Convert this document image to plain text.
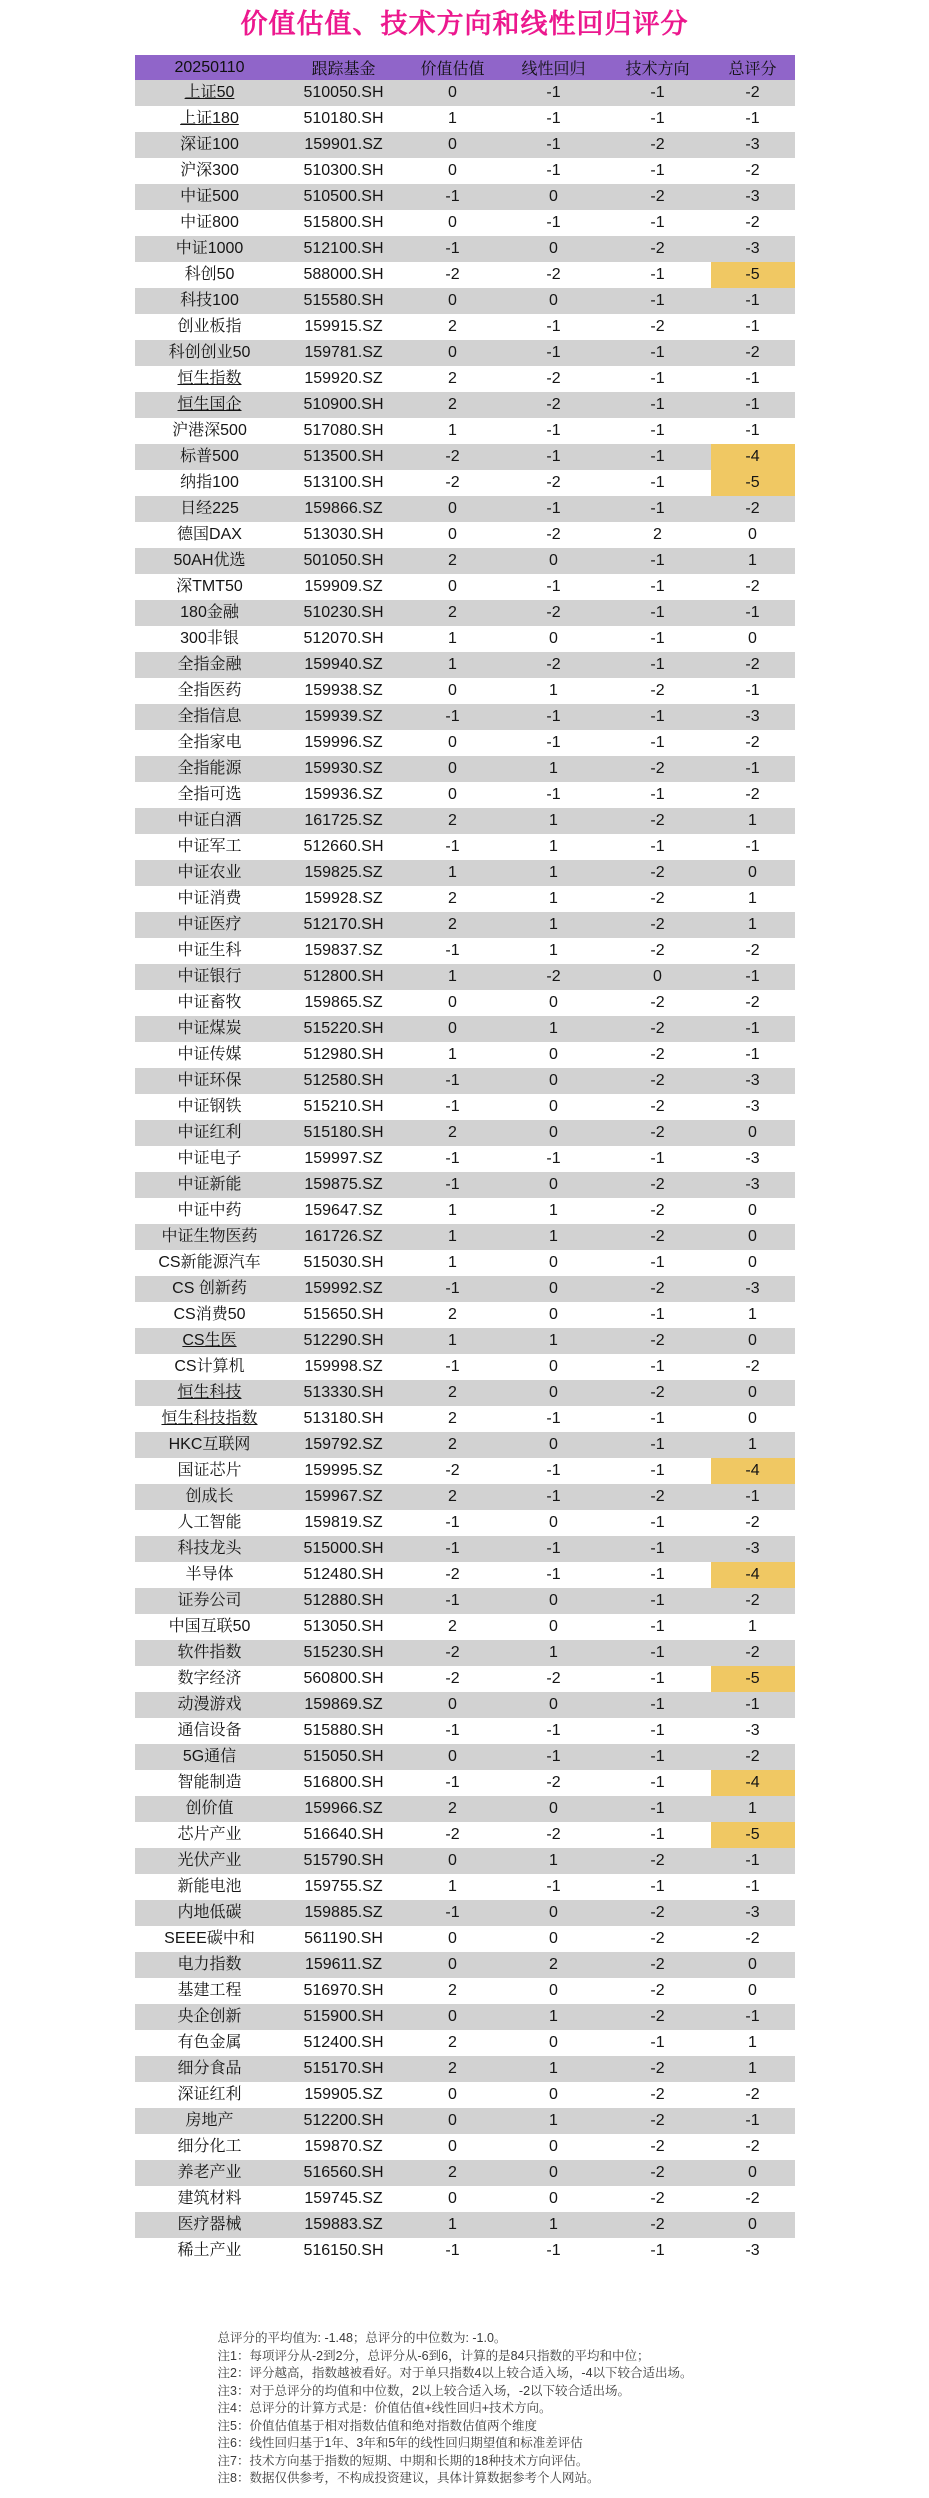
价值估值、技术方向和线性回归评分
20250110	跟踪基金	价值估值	线性回归	技术方向	总评分
上证50	510050.SH	0	-1	-1	-2
上证180	510180.SH	1	-1	-1	-1
深证100	159901.SZ	0	-1	-2	-3
沪深300	510300.SH	0	-1	-1	-2
中证500	510500.SH	-1	0	-2	-3
中证800	515800.SH	0	-1	-1	-2
中证1000	512100.SH	-1	0	-2	-3
科创50	588000.SH	-2	-2	-1	-5
科技100	515580.SH	0	0	-1	-1
创业板指	159915.SZ	2	-1	-2	-1
科创创业50	159781.SZ	0	-1	-1	-2
恒生指数	159920.SZ	2	-2	-1	-1
恒生国企	510900.SH	2	-2	-1	-1
沪港深500	517080.SH	1	-1	-1	-1
标普500	513500.SH	-2	-1	-1	-4
纳指100	513100.SH	-2	-2	-1	-5
日经225	159866.SZ	0	-1	-1	-2
德国DAX	513030.SH	0	-2	2	0
50AH优选	501050.SH	2	0	-1	1
深TMT50	159909.SZ	0	-1	-1	-2
180金融	510230.SH	2	-2	-1	-1
300非银	512070.SH	1	0	-1	0
全指金融	159940.SZ	1	-2	-1	-2
全指医药	159938.SZ	0	1	-2	-1
全指信息	159939.SZ	-1	-1	-1	-3
全指家电	159996.SZ	0	-1	-1	-2
全指能源	159930.SZ	0	1	-2	-1
全指可选	159936.SZ	0	-1	-1	-2
中证白酒	161725.SZ	2	1	-2	1
中证军工	512660.SH	-1	1	-1	-1
中证农业	159825.SZ	1	1	-2	0
中证消费	159928.SZ	2	1	-2	1
中证医疗	512170.SH	2	1	-2	1
中证生科	159837.SZ	-1	1	-2	-2
中证银行	512800.SH	1	-2	0	-1
中证畜牧	159865.SZ	0	0	-2	-2
中证煤炭	515220.SH	0	1	-2	-1
中证传媒	512980.SH	1	0	-2	-1
中证环保	512580.SH	-1	0	-2	-3
中证钢铁	515210.SH	-1	0	-2	-3
中证红利	515180.SH	2	0	-2	0
中证电子	159997.SZ	-1	-1	-1	-3
中证新能	159875.SZ	-1	0	-2	-3
中证中药	159647.SZ	1	1	-2	0
中证生物医药	161726.SZ	1	1	-2	0
CS新能源汽车	515030.SH	1	0	-1	0
CS 创新药	159992.SZ	-1	0	-2	-3
CS消费50	515650.SH	2	0	-1	1
CS生医	512290.SH	1	1	-2	0
CS计算机	159998.SZ	-1	0	-1	-2
恒生科技	513330.SH	2	0	-2	0
恒生科技指数	513180.SH	2	-1	-1	0
HKC互联网	159792.SZ	2	0	-1	1
国证芯片	159995.SZ	-2	-1	-1	-4
创成长	159967.SZ	2	-1	-2	-1
人工智能	159819.SZ	-1	0	-1	-2
科技龙头	515000.SH	-1	-1	-1	-3
半导体	512480.SH	-2	-1	-1	-4
证券公司	512880.SH	-1	0	-1	-2
中国互联50	513050.SH	2	0	-1	1
软件指数	515230.SH	-2	1	-1	-2
数字经济	560800.SH	-2	-2	-1	-5
动漫游戏	159869.SZ	0	0	-1	-1
通信设备	515880.SH	-1	-1	-1	-3
5G通信	515050.SH	0	-1	-1	-2
智能制造	516800.SH	-1	-2	-1	-4
创价值	159966.SZ	2	0	-1	1
芯片产业	516640.SH	-2	-2	-1	-5
光伏产业	515790.SH	0	1	-2	-1
新能电池	159755.SZ	1	-1	-1	-1
内地低碳	159885.SZ	-1	0	-2	-3
SEEE碳中和	561190.SH	0	0	-2	-2
电力指数	159611.SZ	0	2	-2	0
基建工程	516970.SH	2	0	-2	0
央企创新	515900.SH	0	1	-2	-1
有色金属	512400.SH	2	0	-1	1
细分食品	515170.SH	2	1	-2	1
深证红利	159905.SZ	0	0	-2	-2
房地产	512200.SH	0	1	-2	-1
细分化工	159870.SZ	0	0	-2	-2
养老产业	516560.SH	2	0	-2	0
建筑材料	159745.SZ	0	0	-2	-2
医疗器械	159883.SZ	1	1	-2	0
稀土产业	516150.SH	-1	-1	-1	-3

总评分的平均值为: -1.48；总评分的中位数为: -1.0。

注1：每项评分从-2到2分，总评分从-6到6，计算的是84只指数的平均和中位；

注2：评分越高，指数越被看好。对于单只指数4以上较合适入场，-4以下较合适出场。

注3：对于总评分的均值和中位数，2以上较合适入场，-2以下较合适出场。

注4：总评分的计算方式是：价值估值+线性回归+技术方向。

注5：价值估值基于相对指数估值和绝对指数估值两个维度

注6：线性回归基于1年、3年和5年的线性回归期望值和标准差评估

注7：技术方向基于指数的短期、中期和长期的18种技术方向评估。

注8：数据仅供参考，不构成投资建议，具体计算数据参考个人网站。
